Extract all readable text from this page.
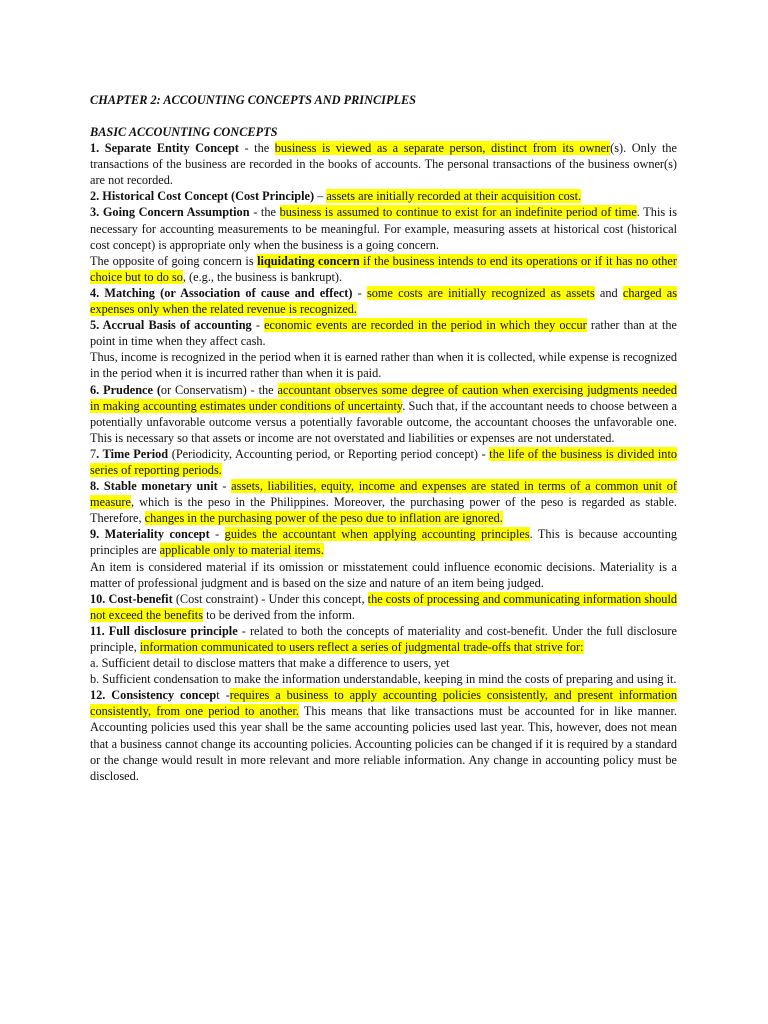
CHAPTER 2: ACCOUNTING CONCEPTS AND PRINCIPLES
BASIC ACCOUNTING CONCEPTS

1. Separate Entity Concept - the business is viewed as a separate person, distinct from its owner(s). Only the transactions of the business are recorded in the books of accounts. The personal transactions of the business owner(s) are not recorded.

2. Historical Cost Concept (Cost Principle) – assets are initially recorded at their acquisition cost.

3. Going Concern Assumption - the business is assumed to continue to exist for an indefinite period of time. This is necessary for accounting measurements to be meaningful. For example, measuring assets at historical cost (historical cost concept) is appropriate only when the business is a going concern.

The opposite of going concern is liquidating concern if the business intends to end its operations or if it has no other choice but to do so, (e.g., the business is bankrupt).

4. Matching (or Association of cause and effect) - some costs are initially recognized as assets and charged as expenses only when the related revenue is recognized.

5. Accrual Basis of accounting - economic events are recorded in the period in which they occur rather than at the point in time when they affect cash.

Thus, income is recognized in the period when it is earned rather than when it is collected, while expense is recognized in the period when it is incurred rather than when it is paid.

6. Prudence (or Conservatism) - the accountant observes some degree of caution when exercising judgments needed in making accounting estimates under conditions of uncertainty. Such that, if the accountant needs to choose between a potentially unfavorable outcome versus a potentially favorable outcome, the accountant chooses the unfavorable one. This is necessary so that assets or income are not overstated and liabilities or expenses are not understated.

7. Time Period (Periodicity, Accounting period, or Reporting period concept) - the life of the business is divided into series of reporting periods.

8. Stable monetary unit - assets, liabilities, equity, income and expenses are stated in terms of a common unit of measure, which is the peso in the Philippines. Moreover, the purchasing power of the peso is regarded as stable. Therefore, changes in the purchasing power of the peso due to inflation are ignored.

9. Materiality concept - guides the accountant when applying accounting principles. This is because accounting principles are applicable only to material items.

An item is considered material if its omission or misstatement could influence economic decisions. Materiality is a matter of professional judgment and is based on the size and nature of an item being judged.

10. Cost-benefit (Cost constraint) - Under this concept, the costs of processing and communicating information should not exceed the benefits to be derived from the inform.

11. Full disclosure principle - related to both the concepts of materiality and cost-benefit. Under the full disclosure principle, information communicated to users reflect a series of judgmental trade-offs that strive for:

a. Sufficient detail to disclose matters that make a difference to users, yet

b. Sufficient condensation to make the information understandable, keeping in mind the costs of preparing and using it.

12. Consistency concept -requires a business to apply accounting policies consistently, and present information consistently, from one period to another. This means that like transactions must be accounted for in like manner. Accounting policies used this year shall be the same accounting policies used last year. This, however, does not mean that a business cannot change its accounting policies. Accounting policies can be changed if it is required by a standard or the change would result in more relevant and more reliable information. Any change in accounting policy must be disclosed.
